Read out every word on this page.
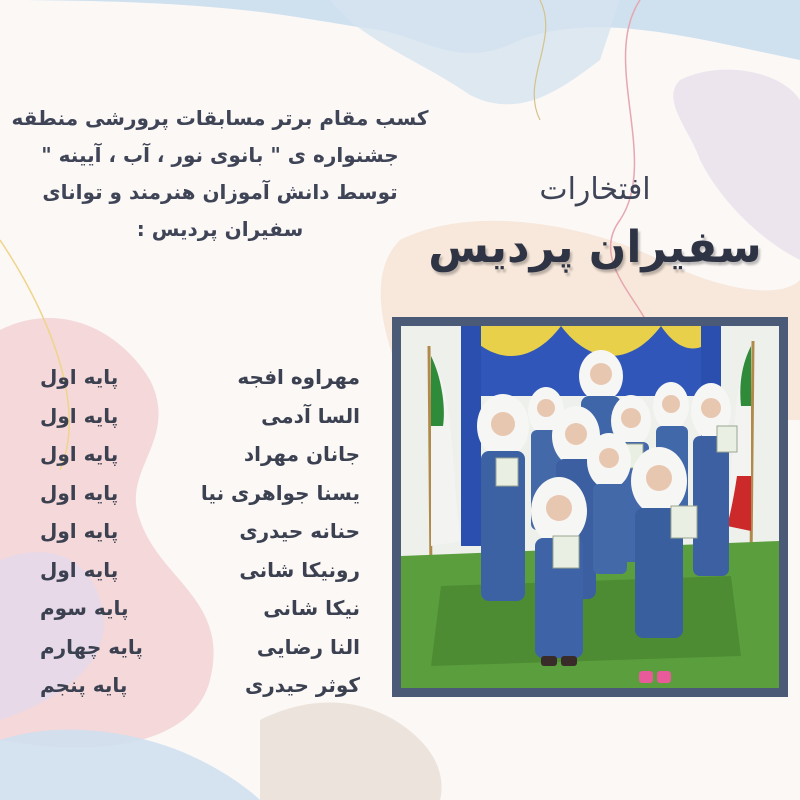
کسب مقام برتر مسابقات پرورشی منطقه
جشنواره ی " بانوی نور ، آب ، آیینه "
توسط دانش آموزان هنرمند و توانای
سفیران پردیس :
افتخارات
سفیران پردیس
مهراوه افجه
پایه اول
السا آدمی
پایه اول
جانان مهراد
پایه اول
یسنا جواهری نیا
پایه اول
حنانه حیدری
پایه اول
رونیکا شانی
پایه اول
نیکا شانی
پایه سوم
النا رضایی
پایه چهارم
کوثر حیدری
پایه پنجم
